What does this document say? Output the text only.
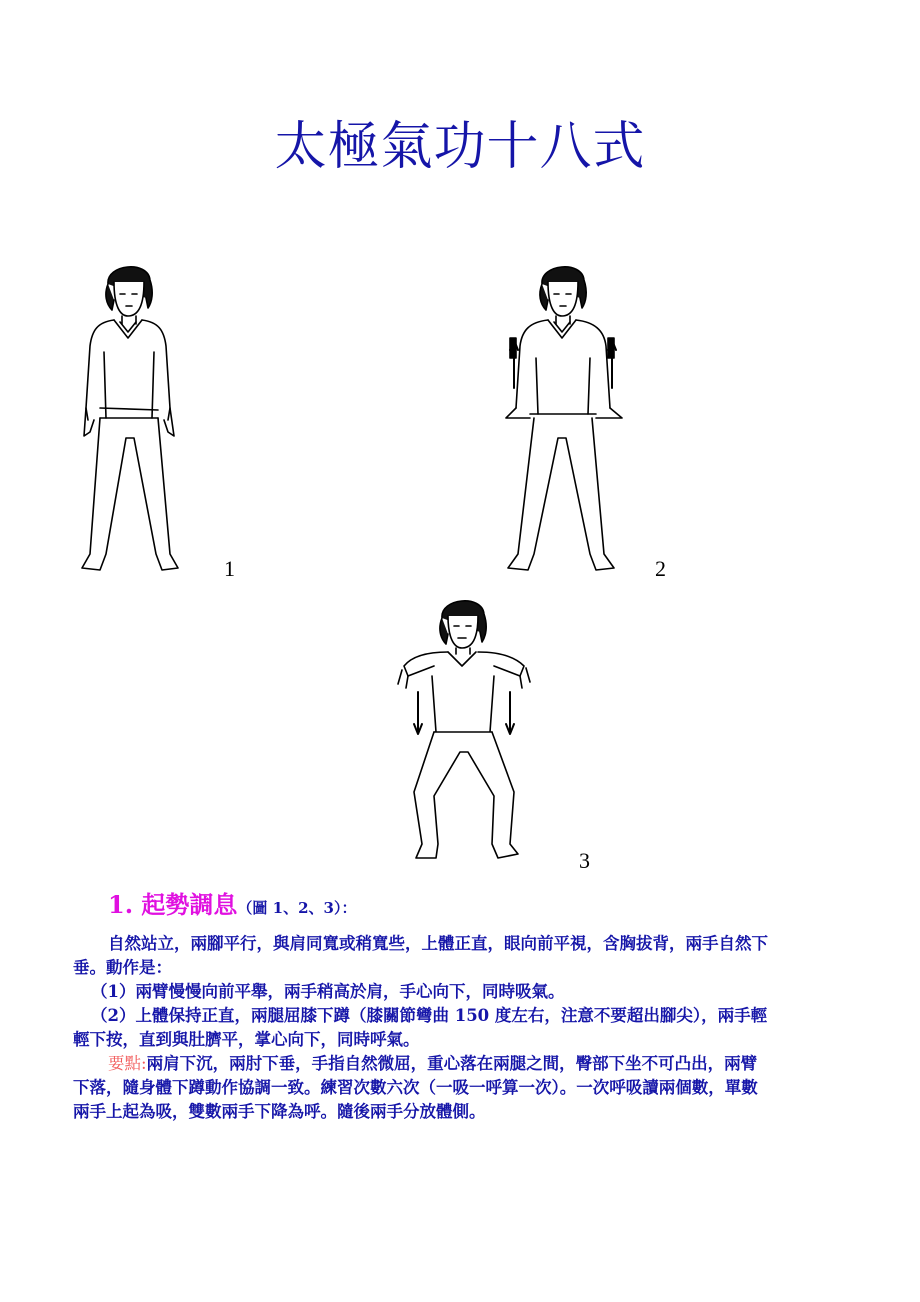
太極氣功十八式
1	2
3
1. 起勢調息（圖 1、2、3）：

自然站立，兩腳平行，與肩同寬或稍寬些，上體正直，眼向前平視，含胸拔背，兩手自然下
垂。動作是：

（1）兩臂慢慢向前平舉，兩手稍高於肩，手心向下，同時吸氣。

（2）上體保持正直，兩腿屈膝下蹲（膝關節彎曲 150 度左右，注意不要超出腳尖），兩手輕
輕下按，直到與肚臍平，掌心向下，同時呼氣。

要點:兩肩下沉，兩肘下垂，手指自然微屈，重心落在兩腿之間，臀部下坐不可凸出，兩臂
下落，隨身體下蹲動作協調一致。練習次數六次（一吸一呼算一次）。一次呼吸讀兩個數，單數
兩手上起為吸，雙數兩手下降為呼。隨後兩手分放體側。
